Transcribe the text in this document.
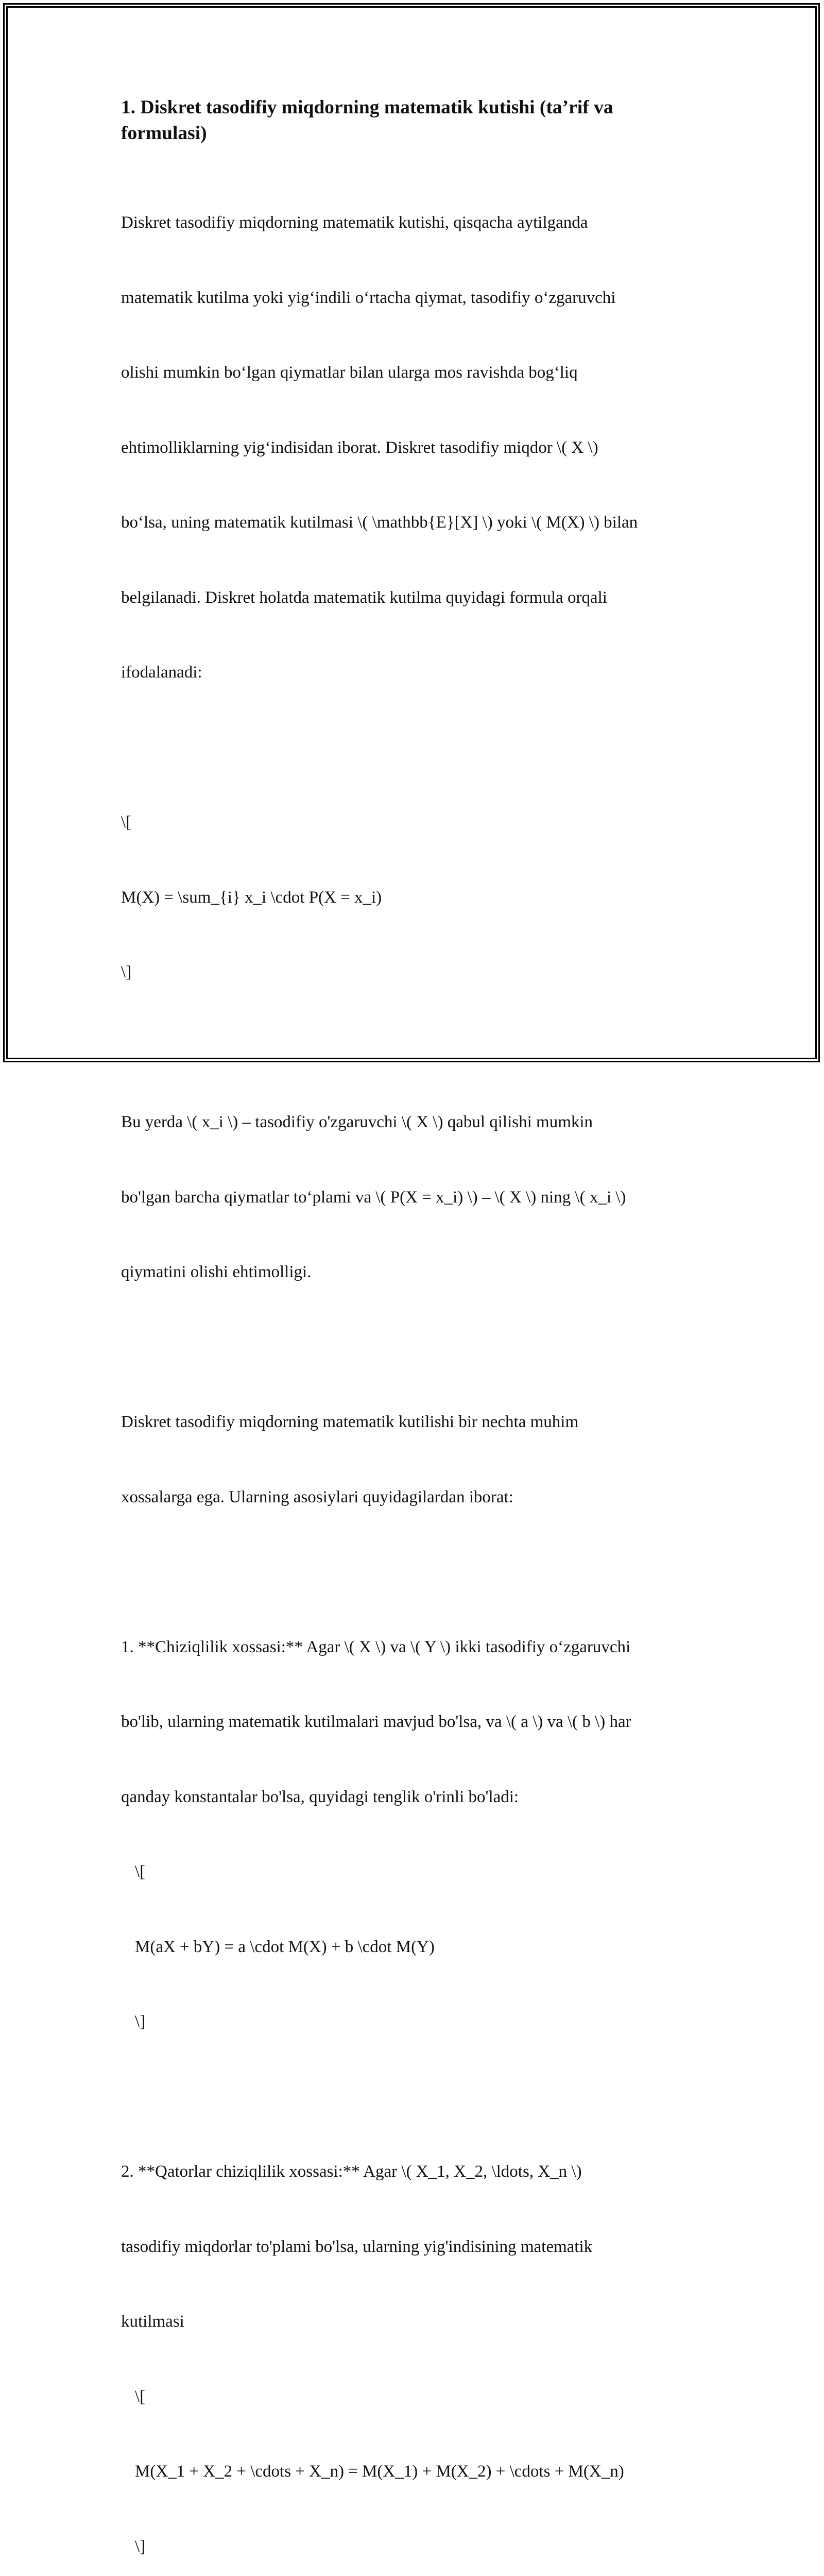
1. Diskret tasodifiy miqdorning matematik kutishi (ta’rif va formulasi)

Diskret tasodifiy miqdorning matematik kutishi, qisqacha aytilganda

matematik kutilma yoki yig‘indili o‘rtacha qiymat, tasodifiy o‘zgaruvchi

olishi mumkin bo‘lgan qiymatlar bilan ularga mos ravishda bog‘liq

ehtimolliklarning yig‘indisidan iborat. Diskret tasodifiy miqdor \( X \)

bo‘lsa, uning matematik kutilmasi \( \mathbb{E}[X] \) yoki \( M(X) \) bilan

belgilanadi. Diskret holatda matematik kutilma quyidagi formula orqali

ifodalanadi:

\[

M(X) = \sum_{i} x_i \cdot P(X = x_i)

\]

Bu yerda \( x_i \) – tasodifiy o'zgaruvchi \( X \) qabul qilishi mumkin

bo'lgan barcha qiymatlar to‘plami va \( P(X = x_i) \) – \( X \) ning \( x_i \)

qiymatini olishi ehtimolligi.

Diskret tasodifiy miqdorning matematik kutilishi bir nechta muhim

xossalarga ega. Ularning asosiylari quyidagilardan iborat:

1. **Chiziqlilik xossasi:** Agar \( X \) va \( Y \) ikki tasodifiy o‘zgaruvchi

bo'lib, ularning matematik kutilmalari mavjud bo'lsa, va \( a \) va \( b \) har

qanday konstantalar bo'lsa, quyidagi tenglik o'rinli bo'ladi:

\[

M(aX + bY) = a \cdot M(X) + b \cdot M(Y)

\]

2. **Qatorlar chiziqlilik xossasi:** Agar \( X_1, X_2, \ldots, X_n \)

tasodifiy miqdorlar to'plami bo'lsa, ularning yig'indisining matematik

kutilmasi

\[

M(X_1 + X_2 + \cdots + X_n) = M(X_1) + M(X_2) + \cdots + M(X_n)

\]
